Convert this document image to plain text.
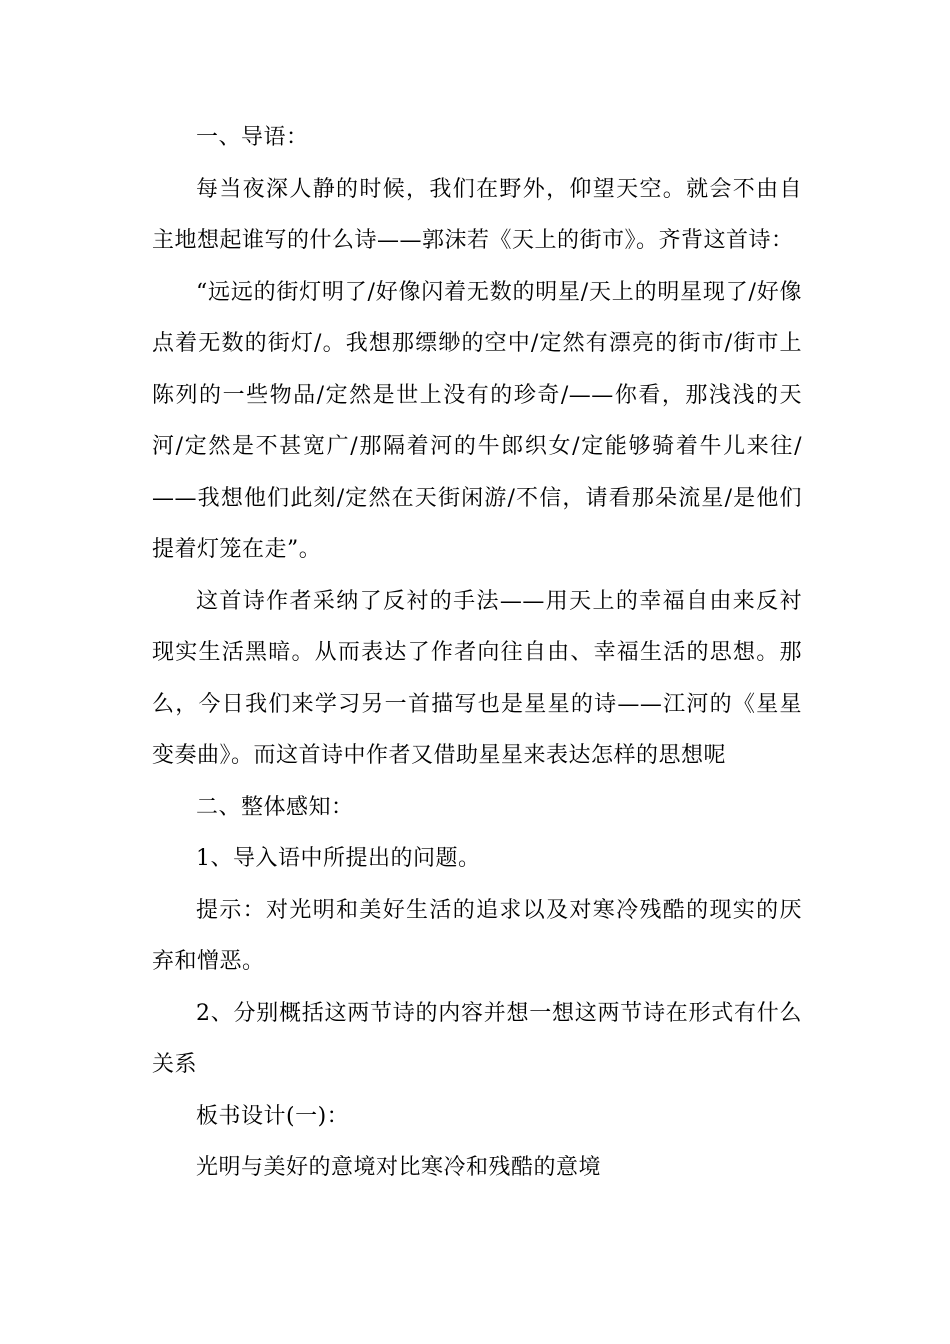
一、导语：

每当夜深人静的时候，我们在野外，仰望天空。就会不由自主地想起谁写的什么诗——郭沫若《天上的街市》。齐背这首诗：

“远远的街灯明了/好像闪着无数的明星/天上的明星现了/好像点着无数的街灯/。我想那缥缈的空中/定然有漂亮的街市/街市上陈列的一些物品/定然是世上没有的珍奇/——你看，那浅浅的天河/定然是不甚宽广/那隔着河的牛郎织女/定能够骑着牛儿来往/——我想他们此刻/定然在天街闲游/不信，请看那朵流星/是他们提着灯笼在走”。

这首诗作者采纳了反衬的手法——用天上的幸福自由来反衬现实生活黑暗。从而表达了作者向往自由、幸福生活的思想。那么，今日我们来学习另一首描写也是星星的诗——江河的《星星变奏曲》。而这首诗中作者又借助星星来表达怎样的思想呢

二、整体感知：

1、导入语中所提出的问题。

提示：对光明和美好生活的追求以及对寒冷残酷的现实的厌弃和憎恶。

2、分别概括这两节诗的内容并想一想这两节诗在形式有什么关系

板书设计(一)：

光明与美好的意境对比寒冷和残酷的意境
